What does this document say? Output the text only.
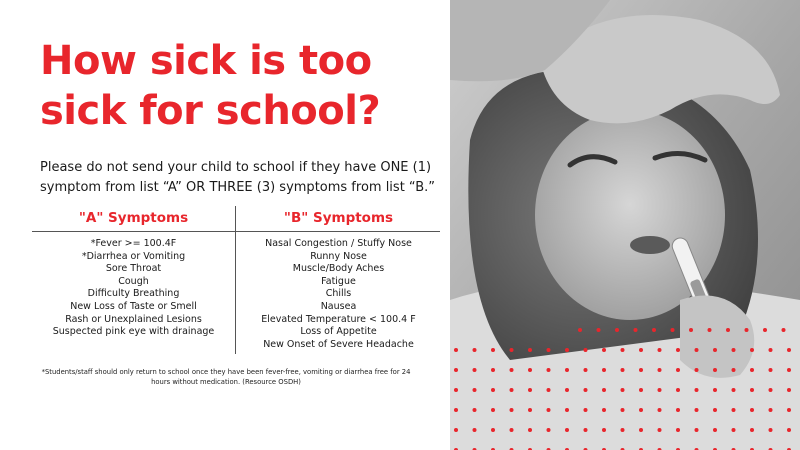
How sick is too
sick for school?

Please do not send your child to school if they have ONE (1)
symptom from list “A” OR THREE (3) symptoms from list “B.”

"A" Symptoms
*Fever >= 100.4F
*Diarrhea or Vomiting
Sore Throat
Cough
Difficulty Breathing
New Loss of Taste or Smell
Rash or Unexplained Lesions
Suspected pink eye with drainage
"B" Symptoms
Nasal Congestion / Stuffy Nose
Runny Nose
Muscle/Body Aches
Fatigue
Chills
Nausea
Elevated Temperature < 100.4 F
Loss of Appetite
New Onset of Severe Headache

*Students/staff should only return to school once they have been fever-free, vomiting or diarrhea free for 24
hours without medication. (Resource OSDH)
